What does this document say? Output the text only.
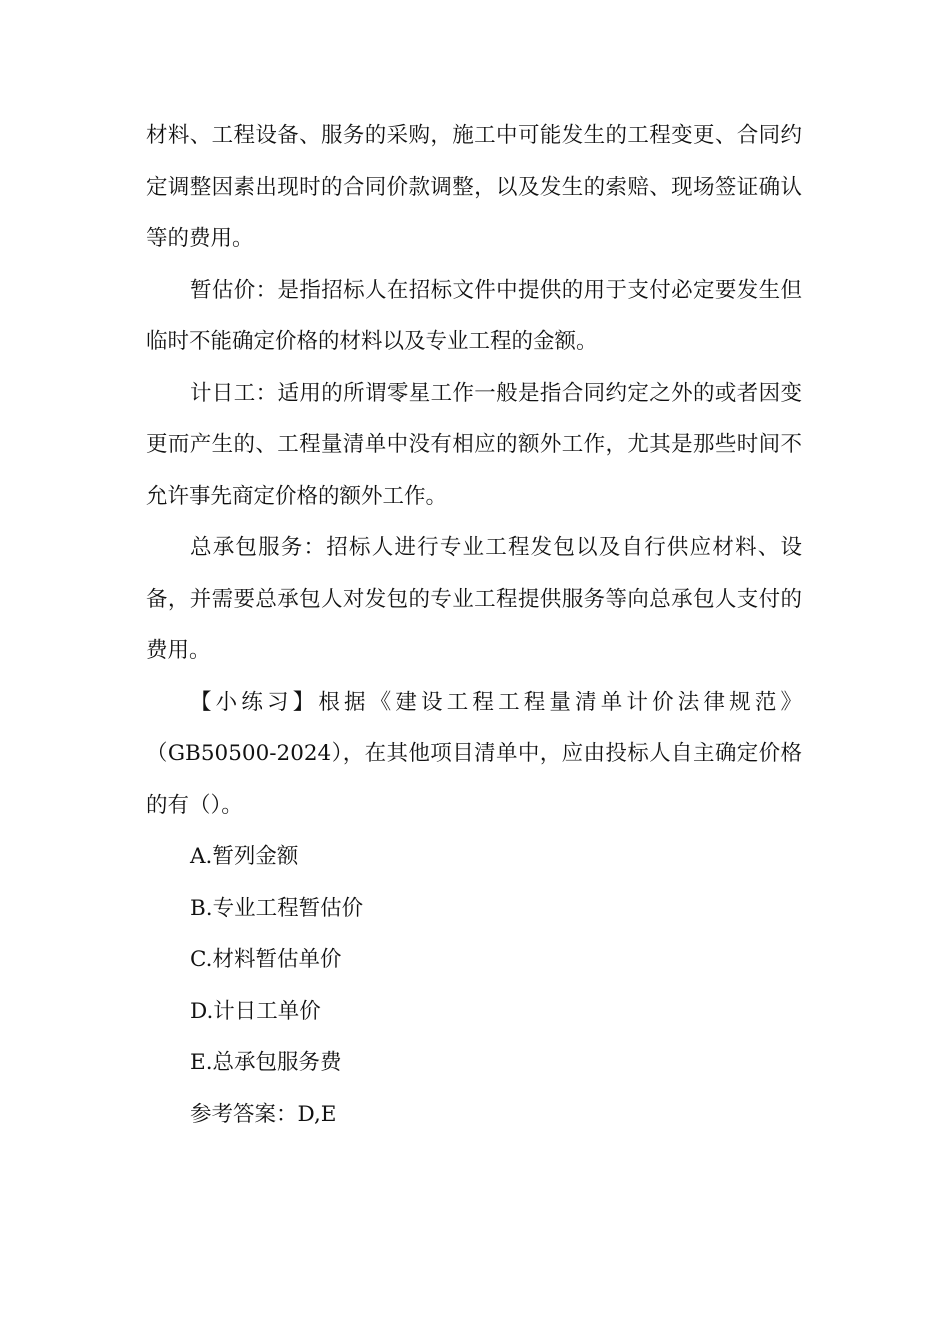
材料、工程设备、服务的采购，施工中可能发生的工程变更、合同约定调整因素出现时的合同价款调整，以及发生的索赔、现场签证确认等的费用。

暂估价：是指招标人在招标文件中提供的用于支付必定要发生但临时不能确定价格的材料以及专业工程的金额。

计日工：适用的所谓零星工作一般是指合同约定之外的或者因变更而产生的、工程量清单中没有相应的额外工作，尤其是那些时间不允许事先商定价格的额外工作。

总承包服务：招标人进行专业工程发包以及自行供应材料、设备，并需要总承包人对发包的专业工程提供服务等向总承包人支付的费用。

【小练习】根据《建设工程工程量清单计价法律规范》（GB50500-2024），在其他项目清单中，应由投标人自主确定价格的有（）。

A.暂列金额

B.专业工程暂估价

C.材料暂估单价

D.计日工单价

E.总承包服务费

参考答案：D,E
